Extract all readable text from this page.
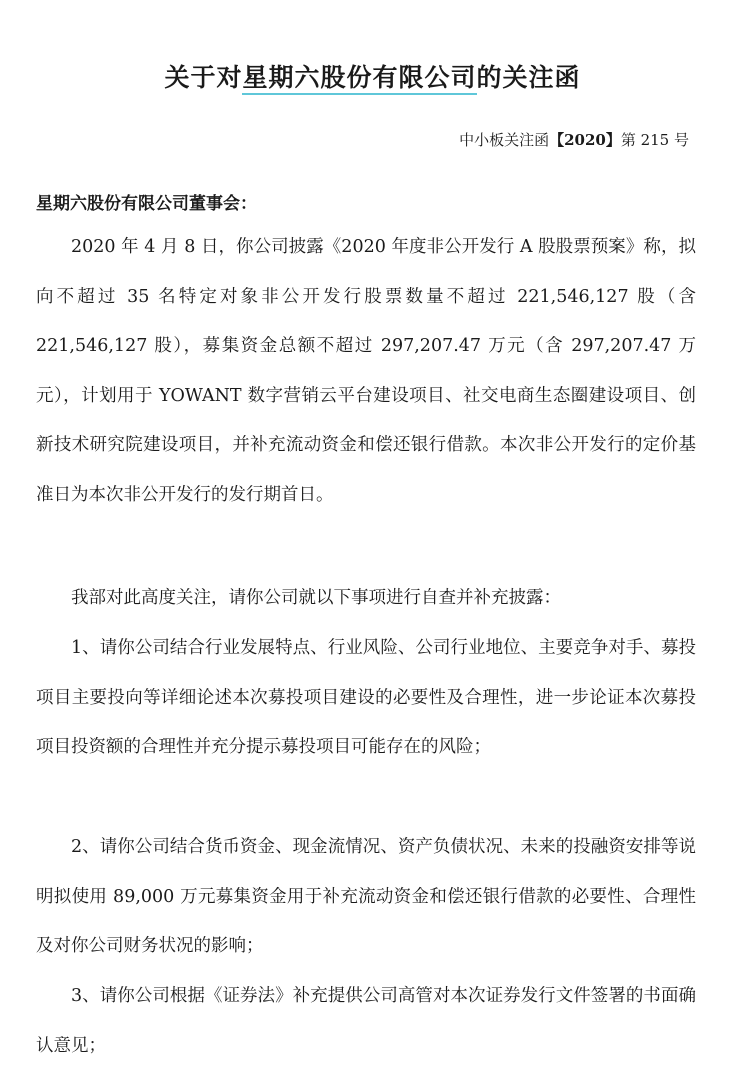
关于对星期六股份有限公司的关注函
中小板关注函【2020】第 215 号
星期六股份有限公司董事会：

2020 年 4 月 8 日，你公司披露《2020 年度非公开发行 A 股股票预案》称，拟向不超过 35 名特定对象非公开发行股票数量不超过 221,546,127 股（含 221,546,127 股），募集资金总额不超过 297,207.47 万元（含 297,207.47 万元），计划用于 YOWANT 数字营销云平台建设项目、社交电商生态圈建设项目、创新技术研究院建设项目，并补充流动资金和偿还银行借款。本次非公开发行的定价基准日为本次非公开发行的发行期首日。

我部对此高度关注，请你公司就以下事项进行自查并补充披露：

1、请你公司结合行业发展特点、行业风险、公司行业地位、主要竞争对手、募投项目主要投向等详细论述本次募投项目建设的必要性及合理性，进一步论证本次募投项目投资额的合理性并充分提示募投项目可能存在的风险；

2、请你公司结合货币资金、现金流情况、资产负债状况、未来的投融资安排等说明拟使用 89,000 万元募集资金用于补充流动资金和偿还银行借款的必要性、合理性及对你公司财务状况的影响；

3、请你公司根据《证券法》补充提供公司高管对本次证券发行文件签署的书面确认意见；
